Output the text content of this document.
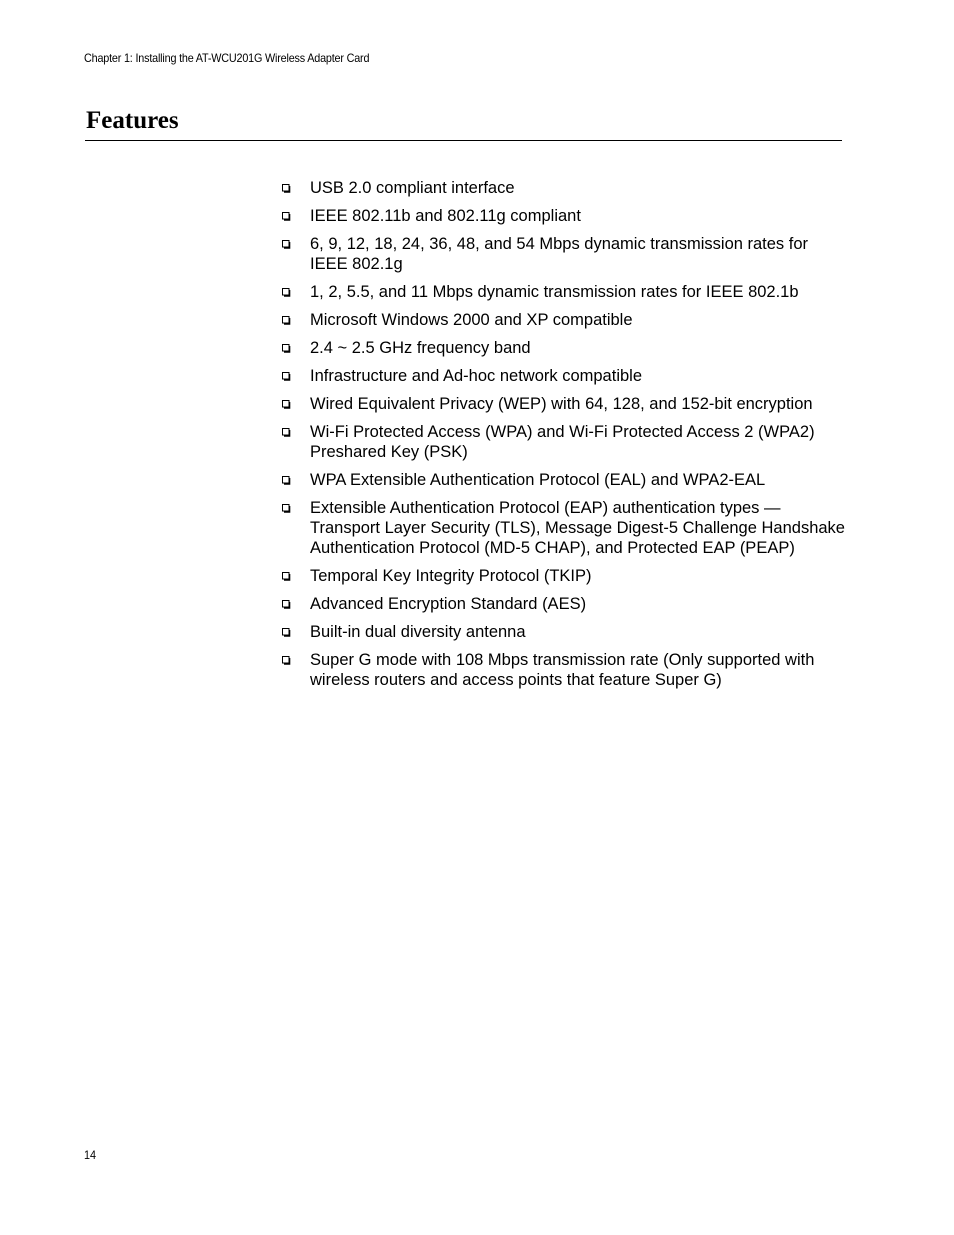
Chapter 1: Installing the AT-WCU201G Wireless Adapter Card
Features
USB 2.0 compliant interface
IEEE 802.11b and 802.11g compliant
6, 9, 12, 18, 24, 36, 48, and 54 Mbps dynamic transmission rates for IEEE 802.1g
1, 2, 5.5, and 11 Mbps dynamic transmission rates for IEEE 802.1b
Microsoft Windows 2000 and XP compatible
2.4 ~ 2.5 GHz frequency band
Infrastructure and Ad-hoc network compatible
Wired Equivalent Privacy (WEP) with 64, 128, and 152-bit encryption
Wi-Fi Protected Access (WPA) and Wi-Fi Protected Access 2 (WPA2) Preshared Key (PSK)
WPA Extensible Authentication Protocol (EAL) and WPA2-EAL
Extensible Authentication Protocol (EAP) authentication types — Transport Layer Security (TLS), Message Digest-5 Challenge Handshake Authentication Protocol (MD-5 CHAP), and Protected EAP (PEAP)
Temporal Key Integrity Protocol (TKIP)
Advanced Encryption Standard (AES)
Built-in dual diversity antenna
Super G mode with 108 Mbps transmission rate (Only supported with wireless routers and access points that feature Super G)
14
